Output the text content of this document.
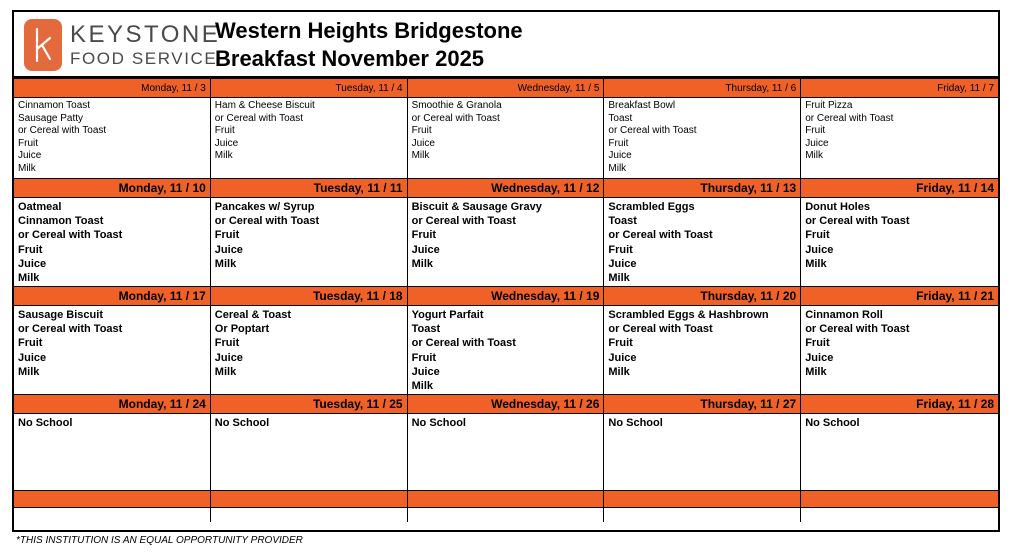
KEYSTONE
FOOD SERVICE
Western Heights Bridgestone
Breakfast November 2025
Monday, 11 / 3
Cinnamon Toast
Sausage Patty
or Cereal with Toast
Fruit
Juice
Milk
Tuesday, 11 / 4
Ham & Cheese Biscuit
or Cereal with Toast
Fruit
Juice
Milk
Wednesday, 11 / 5
Smoothie & Granola
or Cereal with Toast
Fruit
Juice
Milk
Thursday, 11 / 6
Breakfast Bowl
Toast
or Cereal with Toast
Fruit
Juice
Milk
Friday, 11 / 7
Fruit Pizza
or Cereal with Toast
Fruit
Juice
Milk
Monday, 11 / 10
Oatmeal
Cinnamon Toast
or Cereal with Toast
Fruit
Juice
Milk
Tuesday, 11 / 11
Pancakes w/ Syrup
or Cereal with Toast
Fruit
Juice
Milk
Wednesday, 11 / 12
Biscuit & Sausage Gravy
or Cereal with Toast
Fruit
Juice
Milk
Thursday, 11 / 13
Scrambled Eggs
Toast
or Cereal with Toast
Fruit
Juice
Milk
Friday, 11 / 14
Donut Holes
or Cereal with Toast
Fruit
Juice
Milk
Monday, 11 / 17
Sausage Biscuit
or Cereal with Toast
Fruit
Juice
Milk
Tuesday, 11 / 18
Cereal & Toast
Or Poptart
Fruit
Juice
Milk
Wednesday, 11 / 19
Yogurt Parfait
Toast
or Cereal with Toast
Fruit
Juice
Milk
Thursday, 11 / 20
Scrambled Eggs & Hashbrown
or Cereal with Toast
Fruit
Juice
Milk
Friday, 11 / 21
Cinnamon Roll
or Cereal with Toast
Fruit
Juice
Milk
Monday, 11 / 24
No School
Tuesday, 11 / 25
No School
Wednesday, 11 / 26
No School
Thursday, 11 / 27
No School
Friday, 11 / 28
No School
*THIS INSTITUTION IS AN EQUAL OPPORTUNITY PROVIDER
